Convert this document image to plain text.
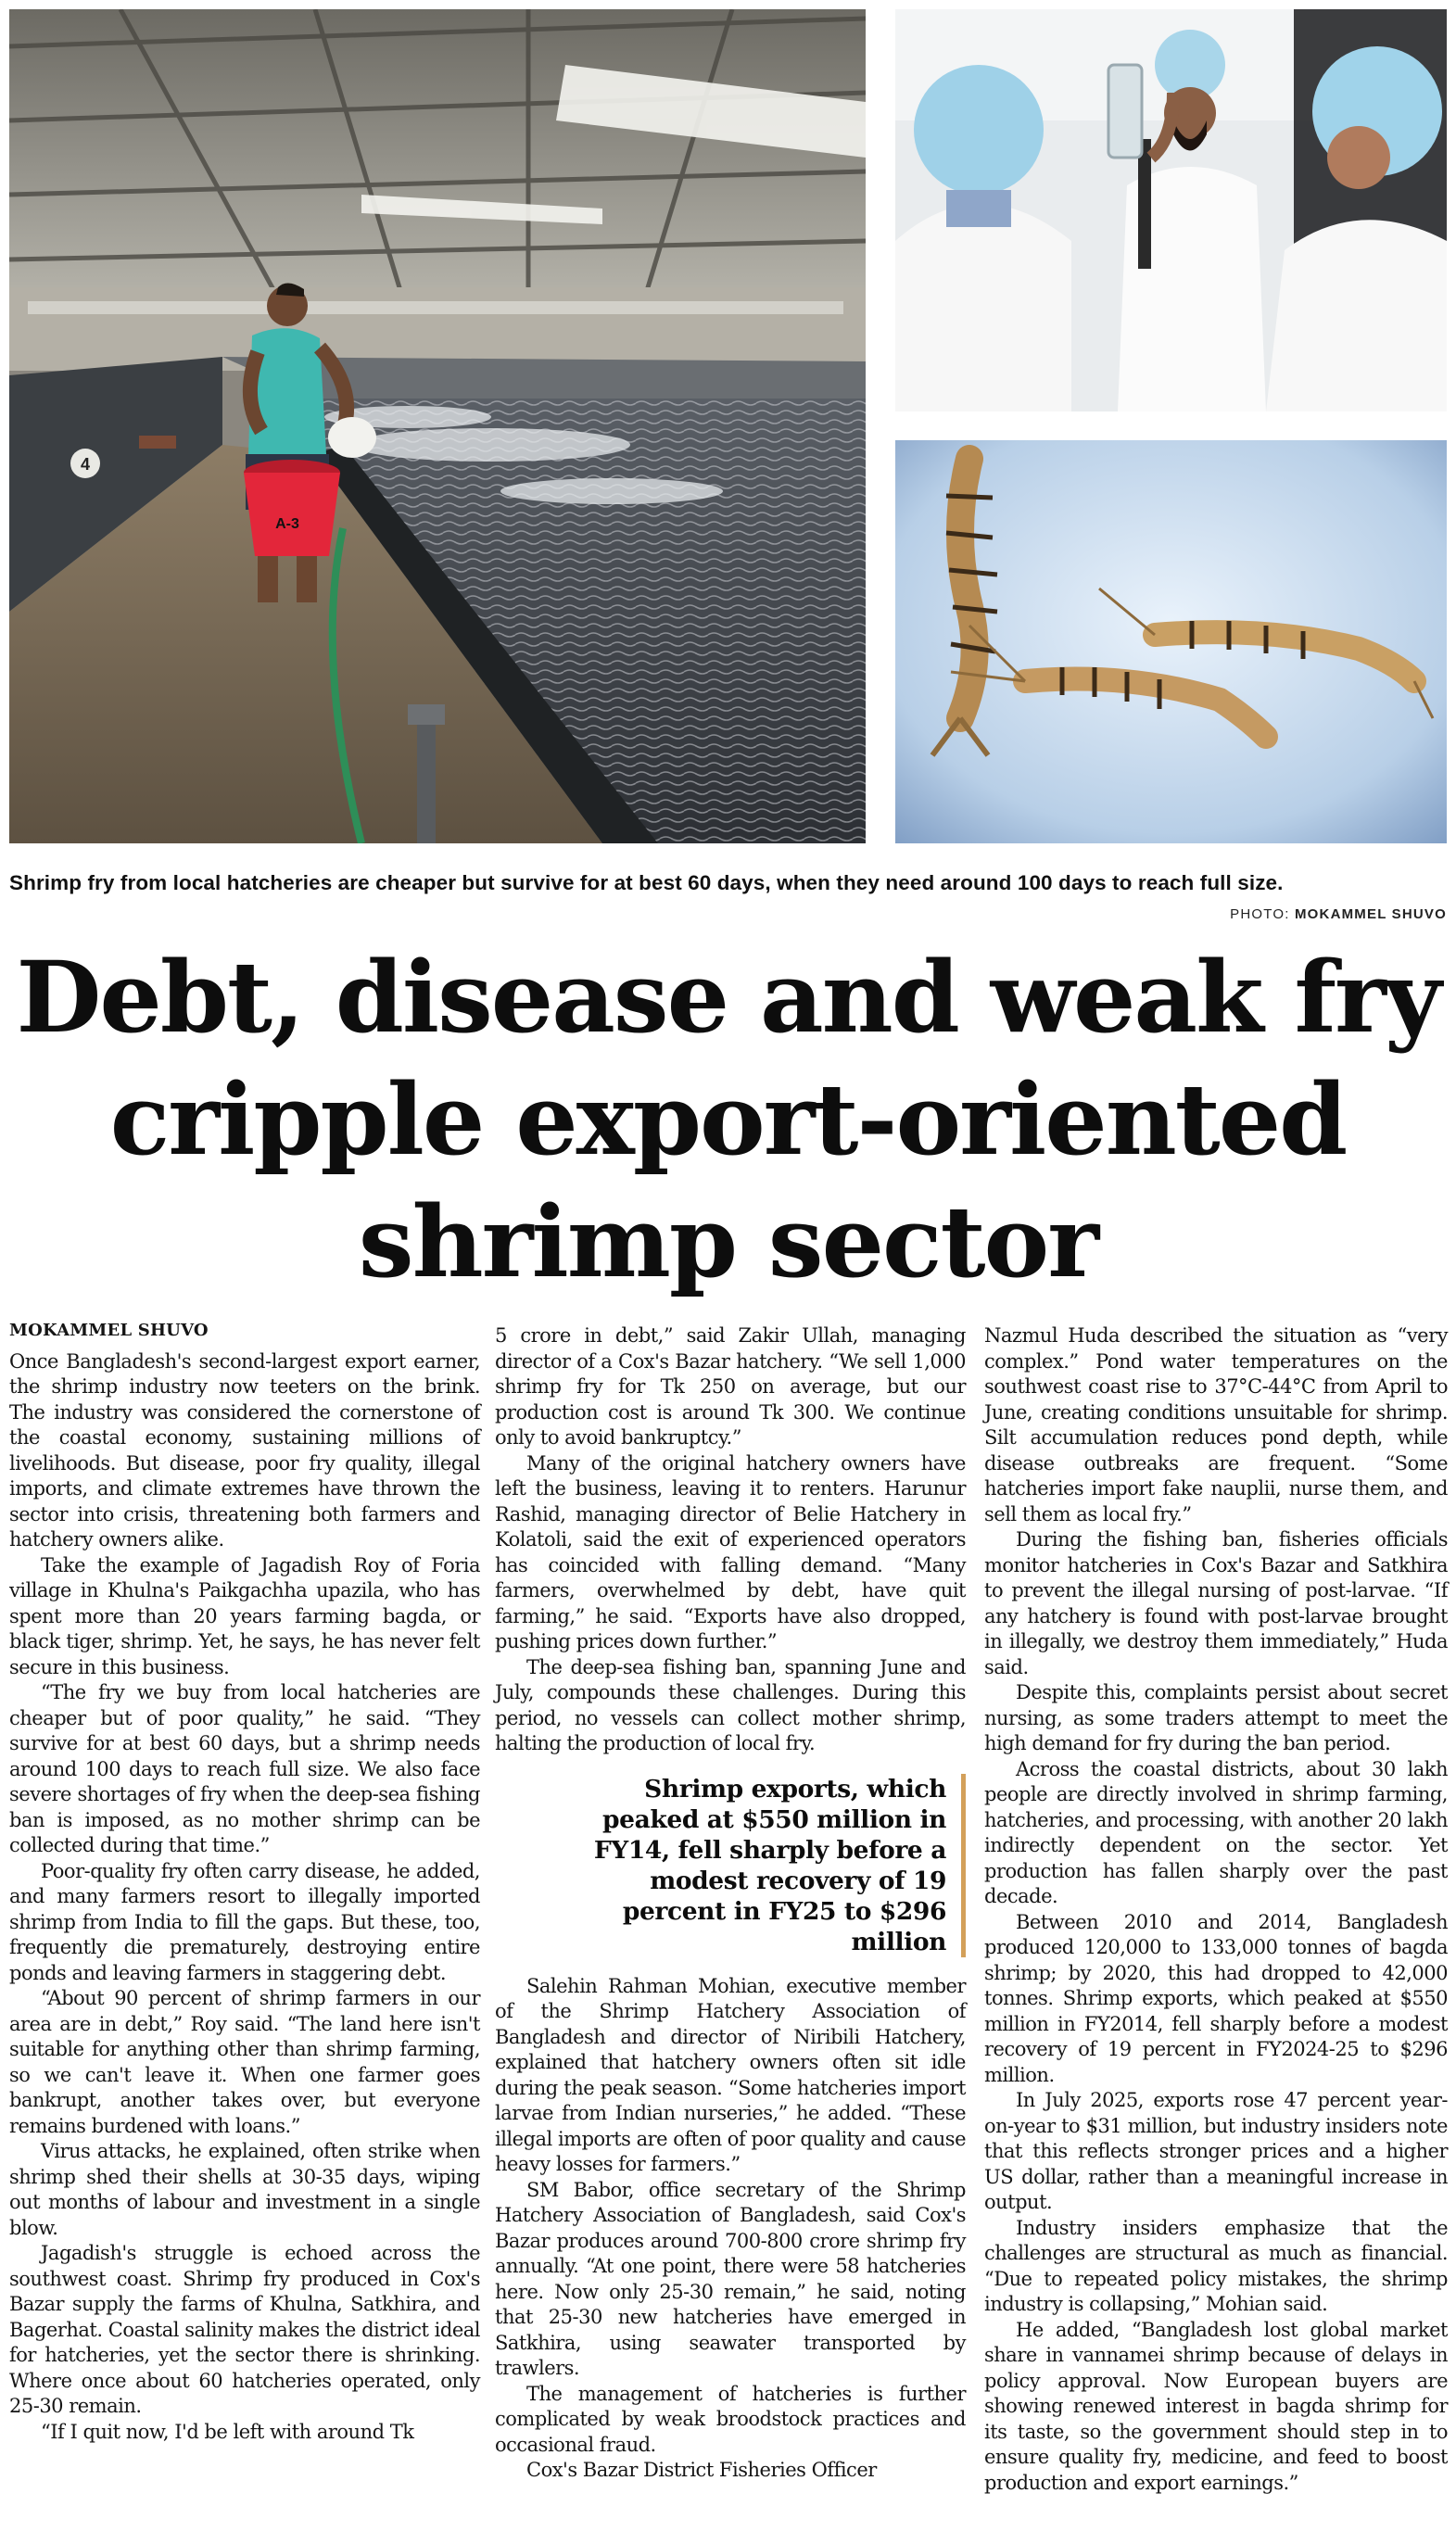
4
A-3
Shrimp fry from local hatcheries are cheaper but survive for at best 60 days, when they need around 100 days to reach full size.
PHOTO: MOKAMMEL SHUVO
Debt, disease and weak fry cripple export-oriented shrimp sector
MOKAMMEL SHUVO

Once Bangladesh's second-largest export earner, the shrimp industry now teeters on the brink. The industry was considered the cornerstone of the coastal economy, sustaining millions of livelihoods. But disease, poor fry quality, illegal imports, and climate extremes have thrown the sector into crisis, threatening both farmers and hatchery owners alike.

Take the example of Jagadish Roy of Foria village in Khulna's Paikgachha upazila, who has spent more than 20 years farming bagda, or black tiger, shrimp. Yet, he says, he has never felt secure in this business.

“The fry we buy from local hatcheries are cheaper but of poor quality,” he said. “They survive for at best 60 days, but a shrimp needs around 100 days to reach full size. We also face severe shortages of fry when the deep-sea fishing ban is imposed, as no mother shrimp can be collected during that time.”

Poor-quality fry often carry disease, he added, and many farmers resort to illegally imported shrimp from India to fill the gaps. But these, too, frequently die prematurely, destroying entire ponds and leaving farmers in staggering debt.

“About 90 percent of shrimp farmers in our area are in debt,” Roy said. “The land here isn't suitable for anything other than shrimp farming, so we can't leave it. When one farmer goes bankrupt, another takes over, but everyone remains burdened with loans.”

Virus attacks, he explained, often strike when shrimp shed their shells at 30-35 days, wiping out months of labour and investment in a single blow.

Jagadish's struggle is echoed across the southwest coast. Shrimp fry produced in Cox's Bazar supply the farms of Khulna, Satkhira, and Bagerhat. Coastal salinity makes the district ideal for hatcheries, yet the sector there is shrinking. Where once about 60 hatcheries operated, only 25-30 remain.

“If I quit now, I'd be left with around Tk

5 crore in debt,” said Zakir Ullah, managing director of a Cox's Bazar hatchery. “We sell 1,000 shrimp fry for Tk 250 on average, but our production cost is around Tk 300. We continue only to avoid bankruptcy.”

Many of the original hatchery owners have left the business, leaving it to renters. Harunur Rashid, managing director of Belie Hatchery in Kolatoli, said the exit of experienced operators has coincided with falling demand. “Many farmers, overwhelmed by debt, have quit farming,” he said. “Exports have also dropped, pushing prices down further.”

The deep-sea fishing ban, spanning June and July, compounds these challenges. During this period, no vessels can collect mother shrimp, halting the production of local fry.

Shrimp exports, which peaked at $550 million in FY14, fell sharply before a modest recovery of 19 percent in FY25 to $296 million

Salehin Rahman Mohian, executive member of the Shrimp Hatchery Association of Bangladesh and director of Niribili Hatchery, explained that hatchery owners often sit idle during the peak season. “Some hatcheries import larvae from Indian nurseries,” he added. “These illegal imports are often of poor quality and cause heavy losses for farmers.”

SM Babor, office secretary of the Shrimp Hatchery Association of Bangladesh, said Cox's Bazar produces around 700-800 crore shrimp fry annually. “At one point, there were 58 hatcheries here. Now only 25-30 remain,” he said, noting that 25-30 new hatcheries have emerged in Satkhira, using seawater transported by trawlers.

The management of hatcheries is further complicated by weak broodstock practices and occasional fraud.

Cox's Bazar District Fisheries Officer

Nazmul Huda described the situation as “very complex.” Pond water temperatures on the southwest coast rise to 37°C-44°C from April to June, creating conditions unsuitable for shrimp. Silt accumulation reduces pond depth, while disease outbreaks are frequent. “Some hatcheries import fake nauplii, nurse them, and sell them as local fry.”

During the fishing ban, fisheries officials monitor hatcheries in Cox's Bazar and Satkhira to prevent the illegal nursing of post-larvae. “If any hatchery is found with post-larvae brought in illegally, we destroy them immediately,” Huda said.

Despite this, complaints persist about secret nursing, as some traders attempt to meet the high demand for fry during the ban period.

Across the coastal districts, about 30 lakh people are directly involved in shrimp farming, hatcheries, and processing, with another 20 lakh indirectly dependent on the sector. Yet production has fallen sharply over the past decade.

Between 2010 and 2014, Bangladesh produced 120,000 to 133,000 tonnes of bagda shrimp; by 2020, this had dropped to 42,000 tonnes. Shrimp exports, which peaked at $550 million in FY2014, fell sharply before a modest recovery of 19 percent in FY2024-25 to $296 million.

In July 2025, exports rose 47 percent year-on-year to $31 million, but industry insiders note that this reflects stronger prices and a higher US dollar, rather than a meaningful increase in output.

Industry insiders emphasize that the challenges are structural as much as financial. “Due to repeated policy mistakes, the shrimp industry is collapsing,” Mohian said.

He added, “Bangladesh lost global market share in vannamei shrimp because of delays in policy approval. Now European buyers are showing renewed interest in bagda shrimp for its taste, so the government should step in to ensure quality fry, medicine, and feed to boost production and export earnings.”
